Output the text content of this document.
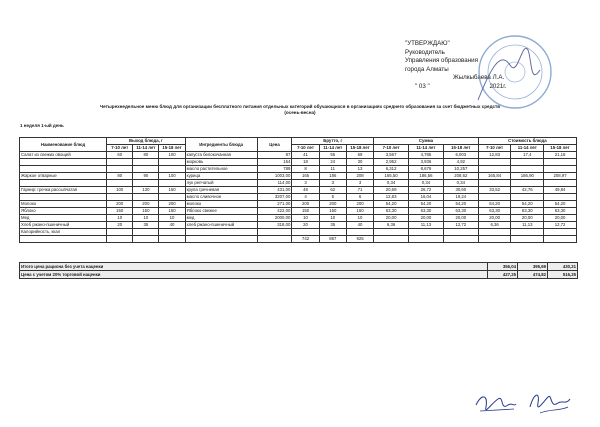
"УТВЕРЖДАЮ"
Руководитель
Управления образования
города Алматы
Жылкыбаева Л.А.
" 03 "	2021г.
Четырехнедельное меню блюд для организации бесплатного питания отдельных категорий обучающихся в организациях среднего образования за счет бюджетных средств
(осень-весна)
1 неделя 1-ый день
Наименование блюд	Выход блюда, г			Ингредиенты блюда	Цена	Брутто, г			Сумма			Стоимость блюда		
	7-10 лет	11-14 лет	15-18 лет			7-10 лет	11-14 лет	15-18 лет	7-10 лет	11-14 лет	15-18 лет	7-10 лет	11-14 лет	15-18 лет
Салат из свежих овощей	60	80	100	капуста белокочанная	87	41	55	69	3,567	4,785	6,003	12,83	17,4	21,18
				морковь	164	18	24	30	2,952	3,936	4,92			
				масло растительное	789	8	11	13	6,312	8,679	10,257			
Жаркое отварные	80	90	100	курица	1003,00	165	186	208	165,50	186,56	208,62	165,84	186,90	208,97
				лук репчатый	114,00	3	3	3	0,34	0,34	0,34			
Гарнир: гречка рассыпчатая	100	130	150	крупа гречневая	431,00	48	62	71	20,69	26,72	30,60	33,52	42,76	49,84
				масло сливочное	3207,00	4	5	6	12,83	16,04	19,24			
Молоко	200	200	200	молоко	271,00	200	200	200	54,20	54,20	54,20	54,20	54,20	54,20
Яблоко	150	150	150	Яблоко свежее	422,00	150	150	150	63,30	63,30	63,30	63,30	63,30	63,30
Мед	10	10	10	мед	2000,00	10	10	10	20,00	20,00	20,00	20,00	20,00	20,00
Хлеб ржано-пшеничный	20	35	40	хлеб ржано-пшеничный	318,00	20	35	40	6,36	11,13	12,72	6,36	11,13	12,72
Калорийность, ккал														
						742	867	925						
Итого цена рациона без учета наценки	356,04	395,69	430,21
Цена с учетом 20% торговой наценки	427,25	474,82	516,25
